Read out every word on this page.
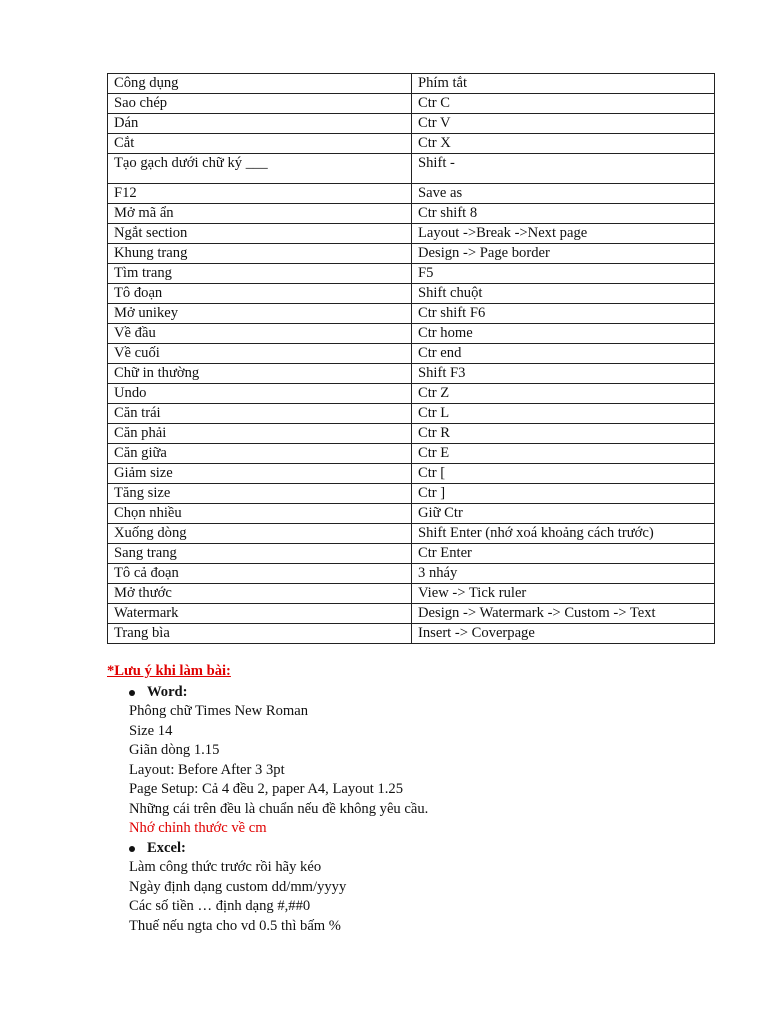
Công dụng	Phím tắt
Sao chép	Ctr C
Dán	Ctr V
Cắt	Ctr X
Tạo gạch dưới chữ ký ___	Shift -
F12	Save as
Mở mã ẩn	Ctr shift 8
Ngắt section	Layout ->Break ->Next page
Khung trang	Design -> Page border
Tìm trang	F5
Tô đoạn	Shift chuột
Mở unikey	Ctr shift F6
Về đầu	Ctr home
Về cuối	Ctr end
Chữ in thường	Shift F3
Undo	Ctr Z
Căn trái	Ctr L
Căn phải	Ctr R
Căn giữa	Ctr E
Giảm size	Ctr [
Tăng size	Ctr ]
Chọn nhiều	Giữ Ctr
Xuống dòng	Shift Enter (nhớ xoá khoảng cách trước)
Sang trang	Ctr Enter
Tô cả đoạn	3 nháy
Mở thước	View -> Tick ruler
Watermark	Design -> Watermark -> Custom -> Text
Trang bìa	Insert -> Coverpage
*Lưu ý khi làm bài:
Word:
Phông chữ Times New Roman
Size 14
Giãn dòng 1.15
Layout: Before After 3 3pt
Page Setup: Cả 4 đều 2, paper A4, Layout 1.25
Những cái trên đều là chuẩn nếu đề không yêu cầu.
Nhớ chỉnh thước về cm
Excel:
Làm công thức trước rồi hãy kéo
Ngày định dạng custom dd/mm/yyyy
Các số tiền … định dạng #,##0
Thuế nếu ngta cho vd 0.5 thì bấm %
